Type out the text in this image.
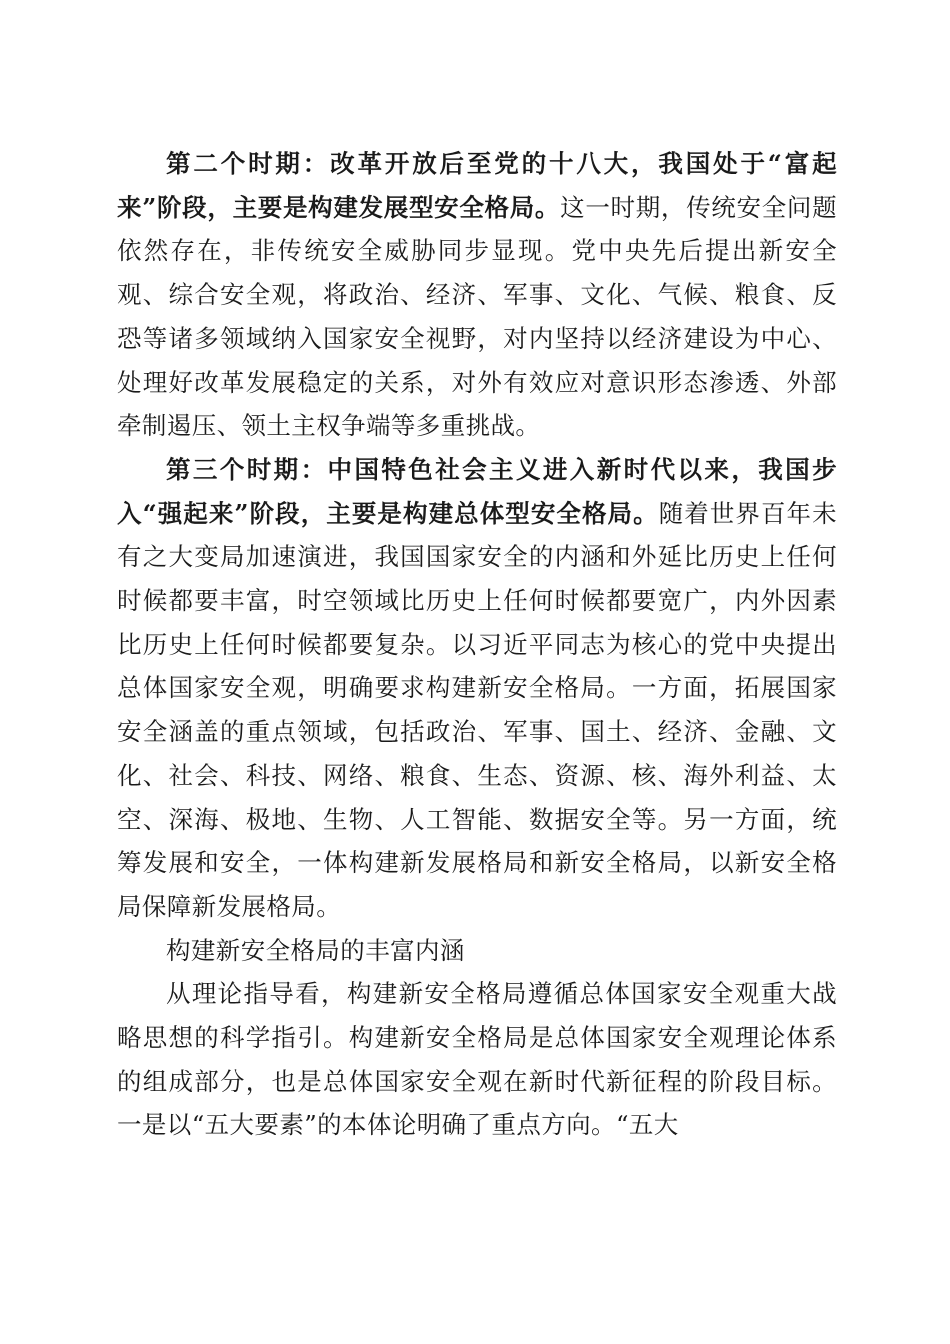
第二个时期：改革开放后至党的十八大，我国处于“富起来”阶段，主要是构建发展型安全格局。这一时期，传统安全问题依然存在，非传统安全威胁同步显现。党中央先后提出新安全观、综合安全观，将政治、经济、军事、文化、气候、粮食、反恐等诸多领域纳入国家安全视野，对内坚持以经济建设为中心、处理好改革发展稳定的关系，对外有效应对意识形态渗透、外部牵制遏压、领土主权争端等多重挑战。

第三个时期：中国特色社会主义进入新时代以来，我国步入“强起来”阶段，主要是构建总体型安全格局。随着世界百年未有之大变局加速演进，我国国家安全的内涵和外延比历史上任何时候都要丰富，时空领域比历史上任何时候都要宽广，内外因素比历史上任何时候都要复杂。以习近平同志为核心的党中央提出总体国家安全观，明确要求构建新安全格局。一方面，拓展国家安全涵盖的重点领域，包括政治、军事、国土、经济、金融、文化、社会、科技、网络、粮食、生态、资源、核、海外利益、太空、深海、极地、生物、人工智能、数据安全等。另一方面，统筹发展和安全，一体构建新发展格局和新安全格局，以新安全格局保障新发展格局。

构建新安全格局的丰富内涵

从理论指导看，构建新安全格局遵循总体国家安全观重大战略思想的科学指引。构建新安全格局是总体国家安全观理论体系的组成部分，也是总体国家安全观在新时代新征程的阶段目标。一是以“五大要素”的本体论明确了重点方向。“五大
